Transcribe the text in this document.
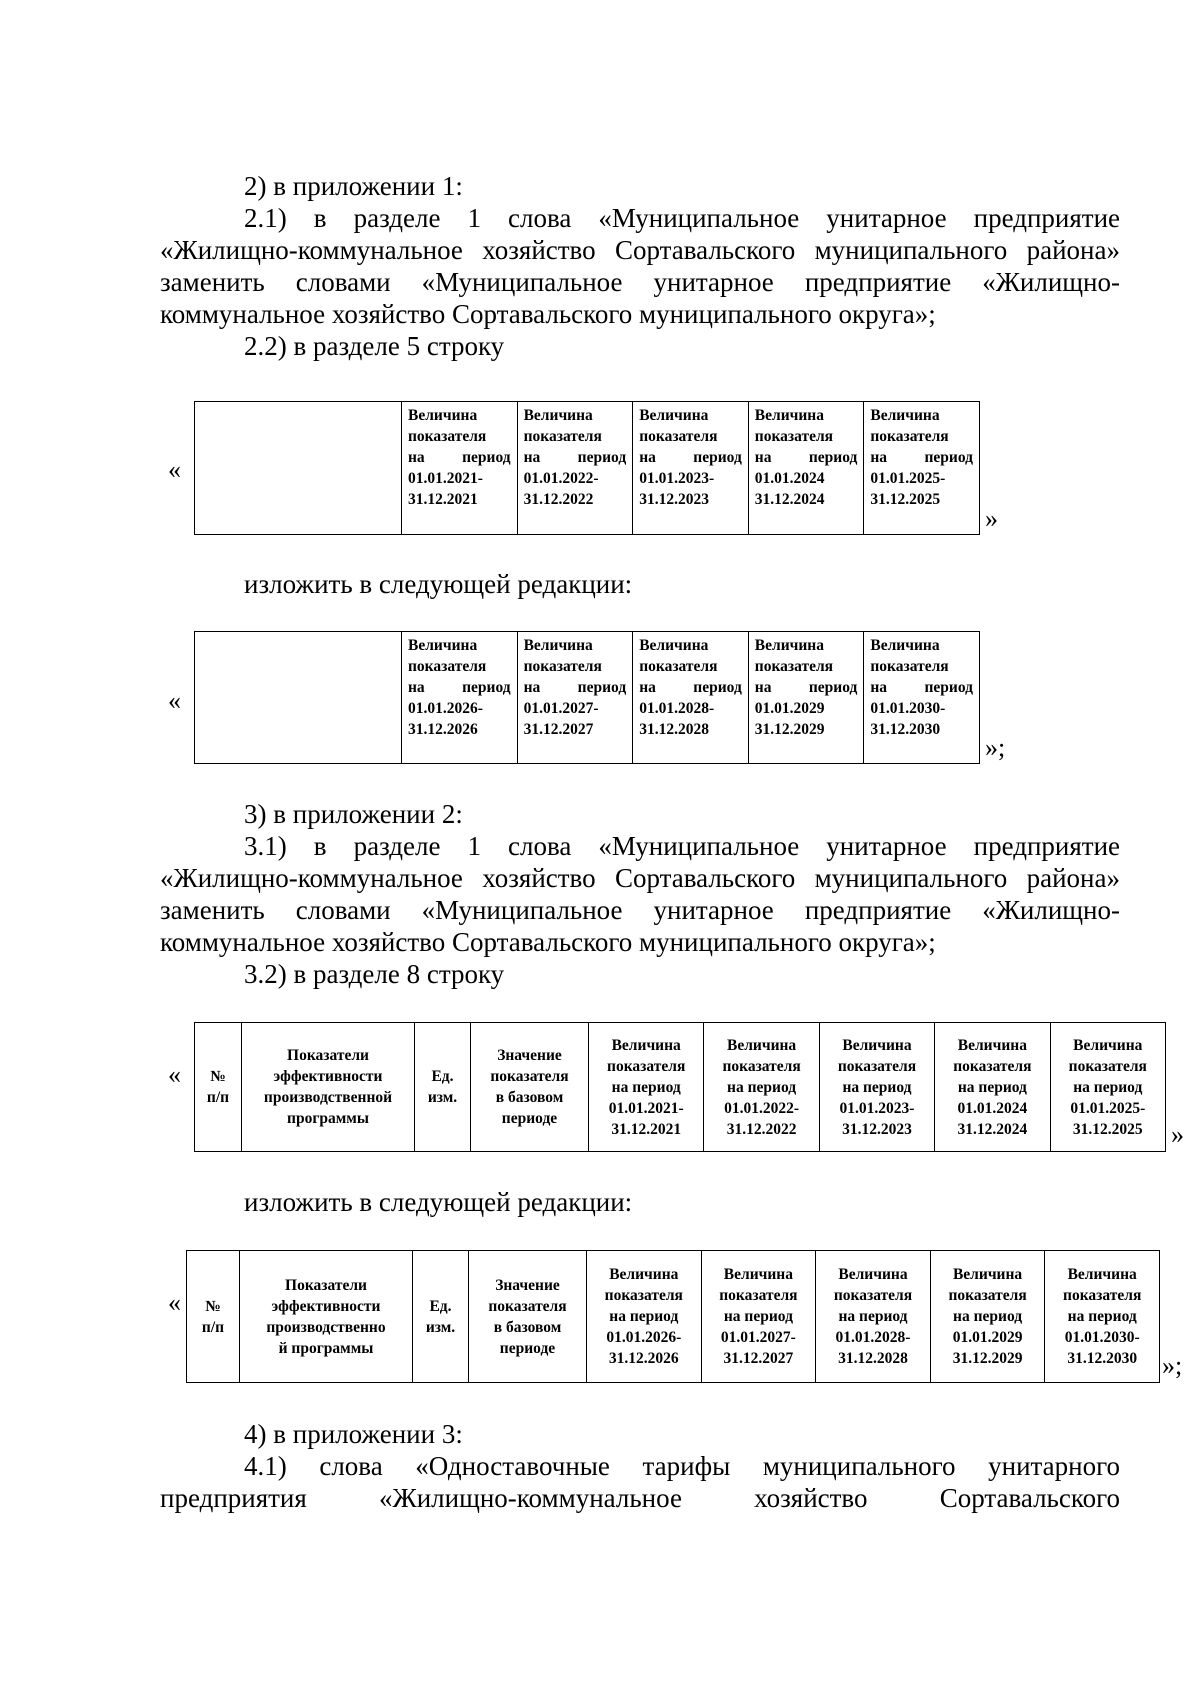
2) в приложении 1:
2.1) в разделе 1 слова «Муниципальное унитарное предприятие
«Жилищно-коммунальное хозяйство Сортавальского муниципального района»
заменить словами «Муниципальное унитарное предприятие «Жилищно-
коммунальное хозяйство Сортавальского муниципального округа»;
2.2) в разделе 5 строку
«

Величина
показателя
на период
01.01.2021-
31.12.2021

Величина
показателя
на период
01.01.2022-
31.12.2022

Величина
показателя
на период
01.01.2023-
31.12.2023

Величина
показателя
на период
01.01.2024
31.12.2024

Величина
показателя
на период
01.01.2025-
31.12.2025
»
изложить в следующей редакции:
«

Величина
показателя
на период
01.01.2026-
31.12.2026

Величина
показателя
на период
01.01.2027-
31.12.2027

Величина
показателя
на период
01.01.2028-
31.12.2028

Величина
показателя
на период
01.01.2029
31.12.2029

Величина
показателя
на период
01.01.2030-
31.12.2030
»;
3) в приложении 2:
3.1) в разделе 1 слова «Муниципальное унитарное предприятие
«Жилищно-коммунальное хозяйство Сортавальского муниципального района»
заменить словами «Муниципальное унитарное предприятие «Жилищно-
коммунальное хозяйство Сортавальского муниципального округа»;
3.2) в разделе 8 строку
« №
п/п	Показатели
эффективности
производственной
программы	Ед.
изм.	Значение
показателя
в базовом
периоде	Величина
показателя
на период
01.01.2021-
31.12.2021	Величина
показателя
на период
01.01.2022-
31.12.2022	Величина
показателя
на период
01.01.2023-
31.12.2023	Величина
показателя
на период
01.01.2024
31.12.2024	Величина
показателя
на период
01.01.2025-
31.12.2025 »
изложить в следующей редакции:
« №
п/п	Показатели
эффективности
производственно
й программы	Ед.
изм.	Значение
показателя
в базовом
периоде	Величина
показателя
на период
01.01.2026-
31.12.2026	Величина
показателя
на период
01.01.2027-
31.12.2027	Величина
показателя
на период
01.01.2028-
31.12.2028	Величина
показателя
на период
01.01.2029
31.12.2029	Величина
показателя
на период
01.01.2030-
31.12.2030 »;
4) в приложении 3:
4.1) слова «Одноставочные тарифы муниципального унитарного
предприятия «Жилищно-коммунальное хозяйство Сортавальского
